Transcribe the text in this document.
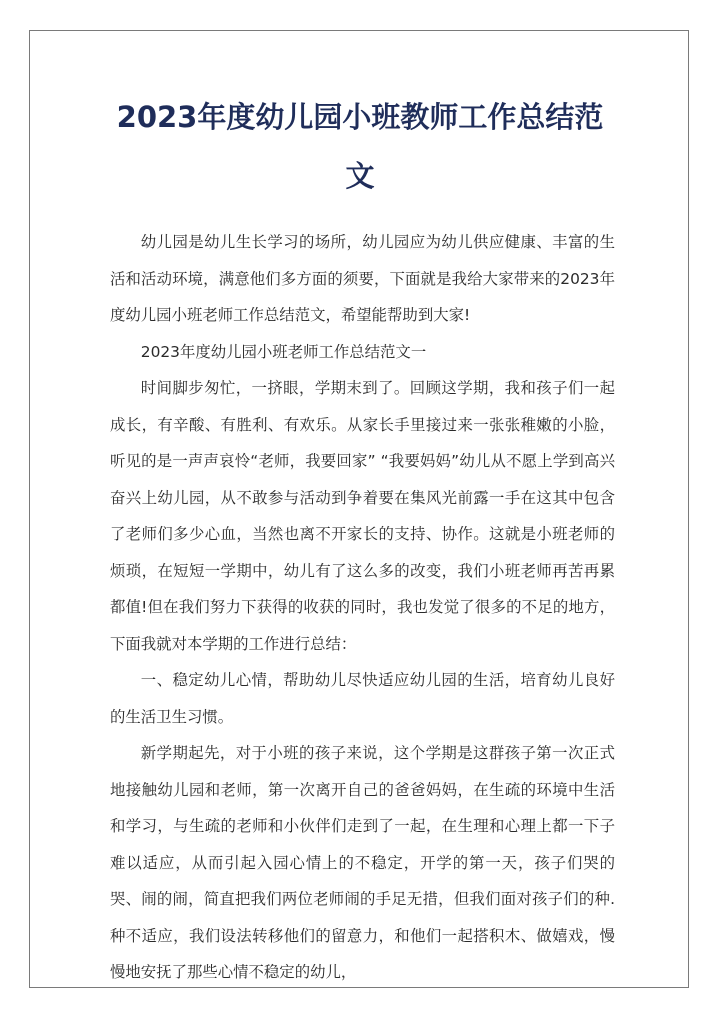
2023年度幼儿园小班教师工作总结范
文

幼儿园是幼儿生长学习的场所，幼儿园应为幼儿供应健康、丰富的生活和活动环境，满意他们多方面的须要，下面就是我给大家带来的2023年度幼儿园小班老师工作总结范文，希望能帮助到大家!

2023年度幼儿园小班老师工作总结范文一

时间脚步匆忙，一挤眼，学期末到了。回顾这学期，我和孩子们一起成长，有辛酸、有胜利、有欢乐。从家长手里接过来一张张稚嫩的小脸，听见的是一声声哀怜“老师，我要回家” “我要妈妈”幼儿从不愿上学到高兴奋兴上幼儿园，从不敢参与活动到争着要在集风光前露一手在这其中包含了老师们多少心血，当然也离不开家长的支持、协作。这就是小班老师的烦琐，在短短一学期中，幼儿有了这么多的改变，我们小班老师再苦再累都值!但在我们努力下获得的收获的同时，我也发觉了很多的不足的地方，下面我就对本学期的工作进行总结：

一、稳定幼儿心情，帮助幼儿尽快适应幼儿园的生活，培育幼儿良好的生活卫生习惯。

新学期起先，对于小班的孩子来说，这个学期是这群孩子第一次正式地接触幼儿园和老师，第一次离开自己的爸爸妈妈，在生疏的环境中生活和学习，与生疏的老师和小伙伴们走到了一起，在生理和心理上都一下子难以适应，从而引起入园心情上的不稳定，开学的第一天，孩子们哭的哭、闹的闹，简直把我们两位老师闹的手足无措，但我们面对孩子们的种.种不适应，我们设法转移他们的留意力，和他们一起搭积木、做嬉戏，慢慢地安抚了那些心情不稳定的幼儿，
